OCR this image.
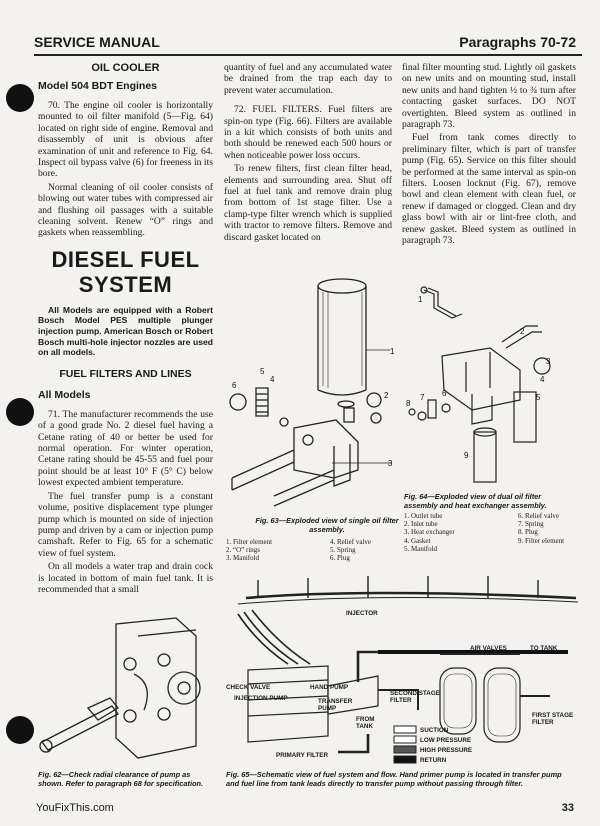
SERVICE MANUAL	Paragraphs 70-72
OIL COOLER
Model 504 BDT Engines

70. The engine oil cooler is horizontally mounted to oil filter manifold (5—Fig. 64) located on right side of engine. Removal and disassembly of unit is obvious after examination of unit and reference to Fig. 64. Inspect oil bypass valve (6) for freeness in its bore.

Normal cleaning of oil cooler consists of blowing out water tubes with compressed air and flushing oil passages with a suitable cleaning solvent. Renew “O” rings and gaskets when reassembling.

DIESEL FUEL
SYSTEM
All Models are equipped with a Robert Bosch Model PES multiple plunger injection pump. American Bosch or Robert Bosch multi-hole injector nozzles are used on all models.
FUEL FILTERS AND LINES
All Models

71. The manufacturer recommends the use of a good grade No. 2 diesel fuel having a Cetane rating of 40 or better be used for normal operation. For winter operation, Cetane rating should be 45-55 and fuel pour point should be at least 10° F (5° C) below lowest expected ambient temperature.

The fuel transfer pump is a constant volume, positive displacement type plunger pump which is mounted on side of injection pump and driven by a cam or injection pump camshaft. Refer to Fig. 65 for a schematic view of fuel system.

On all models a water trap and drain cock is located in bottom of main fuel tank. It is recommended that a small

quantity of fuel and any accumulated water be drained from the trap each day to prevent water accumulation.

72. FUEL FILTERS. Fuel filters are spin-on type (Fig. 66). Filters are available in a kit which consists of both units and both should be renewed each 500 hours or when noticeable power loss occurs.

To renew filters, first clean filter head, elements and surrounding area. Shut off fuel at fuel tank and remove drain plug from bottom of 1st stage filter. Use a clamp-type filter wrench which is supplied with tractor to remove filters. Remove and discard gasket located on

final filter mounting stud. Lightly oil gaskets on new units and on mounting stud, install new units and hand tighten ½ to ¾ turn after contacting gasket surfaces. DO NOT overtighten. Bleed system as outlined in paragraph 73.

Fuel from tank comes directly to preliminary filter, which is part of transfer pump (Fig. 65). Service on this filter should be performed at the same interval as spin-on filters. Loosen locknut (Fig. 67), remove bowl and clean element with clean fuel, or renew if damaged or clogged. Clean and dry glass bowl with air or lint-free cloth, and renew gasket. Bleed system as outlined in paragraph 73.

1
2
3
4
5
6
1
2
3
4
5
6
7
8
9
Fig. 64—Exploded view of dual oil filter assembly and heat exchanger assembly.
1. Outlet tube
2. Inlet tube
3. Heat exchanger
4. Gasket
5. Manifold
6. Relief valve
7. Spring
8. Plug
9. Filter element
Fig. 63—Exploded view of single oil filter assembly.
1. Filter element
2. “O” rings
3. Manifold
4. Relief valve
5. Spring
6. Plug
INJECTOR
AIR VALVES	TO TANK
CHECK VALVE
INJECTION PUMP
HAND PUMP
TRANSFER PUMP
SECOND STAGE FILTER
FIRST STAGE FILTER
FROM TANK
PRIMARY FILTER
SUCTION
LOW PRESSURE
HIGH PRESSURE
RETURN
Fig. 62—Check radial clearance of pump as shown. Refer to paragraph 68 for specification.
Fig. 65—Schematic view of fuel system and flow. Hand primer pump is located in transfer pump and fuel line from tank leads directly to transfer pump without passing through filter.
YouFixThis.com	33
